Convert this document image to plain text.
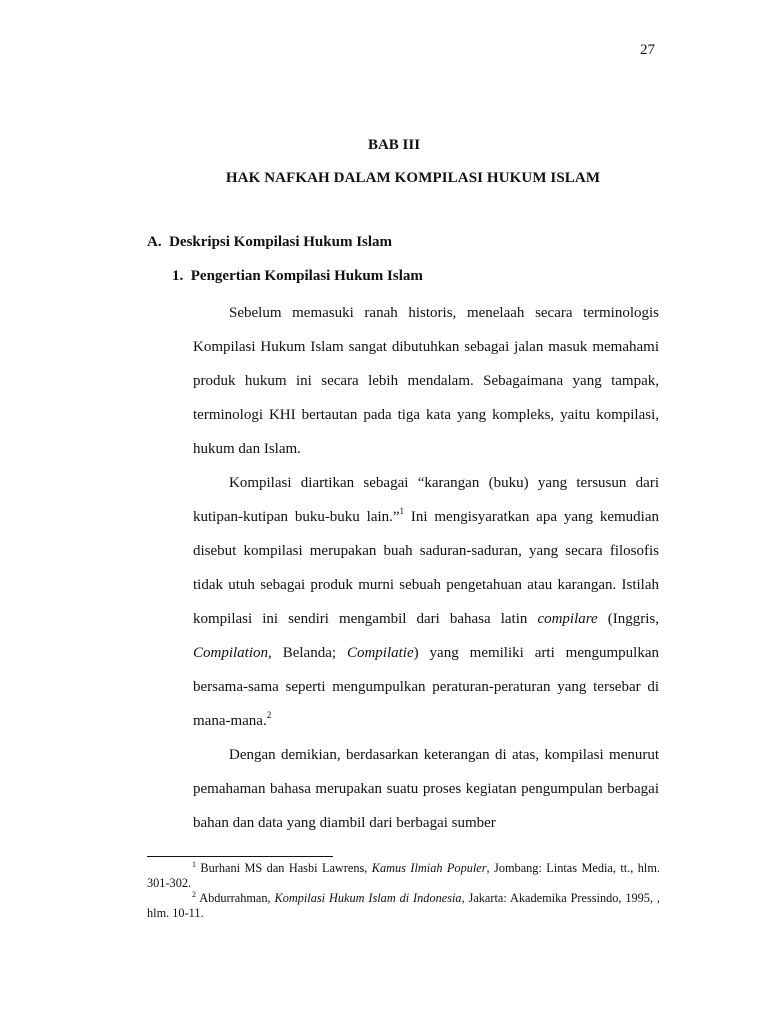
27
BAB III
HAK NAFKAH DALAM KOMPILASI HUKUM ISLAM
A.  Deskripsi Kompilasi Hukum Islam
1.  Pengertian Kompilasi Hukum Islam

Sebelum memasuki ranah historis, menelaah secara terminologis Kompilasi Hukum Islam sangat dibutuhkan sebagai jalan masuk memahami produk hukum ini secara lebih mendalam. Sebagaimana yang tampak, terminologi KHI bertautan pada tiga kata yang kompleks, yaitu kompilasi, hukum dan Islam.

Kompilasi diartikan sebagai “karangan (buku) yang tersusun dari kutipan-kutipan buku-buku lain.”$^1$ Ini mengisyaratkan apa yang kemudian disebut kompilasi merupakan buah saduran-saduran, yang secara filosofis tidak utuh sebagai produk murni sebuah pengetahuan atau karangan. Istilah kompilasi ini sendiri mengambil dari bahasa latin compilare (Inggris, Compilation, Belanda; Compilatie) yang memiliki arti mengumpulkan bersama-sama seperti mengumpulkan peraturan-peraturan yang tersebar di mana-mana.$^2$

Dengan demikian, berdasarkan keterangan di atas, kompilasi menurut pemahaman bahasa merupakan suatu proses kegiatan pengumpulan berbagai bahan dan data yang diambil dari berbagai sumber

$^1$ Burhani MS dan Hasbi Lawrens, Kamus Ilmiah Populer, Jombang: Lintas Media, tt., hlm. 301-302.

$^2$ Abdurrahman, Kompilasi Hukum Islam di Indonesia, Jakarta: Akademika Pressindo, 1995, , hlm. 10-11.
